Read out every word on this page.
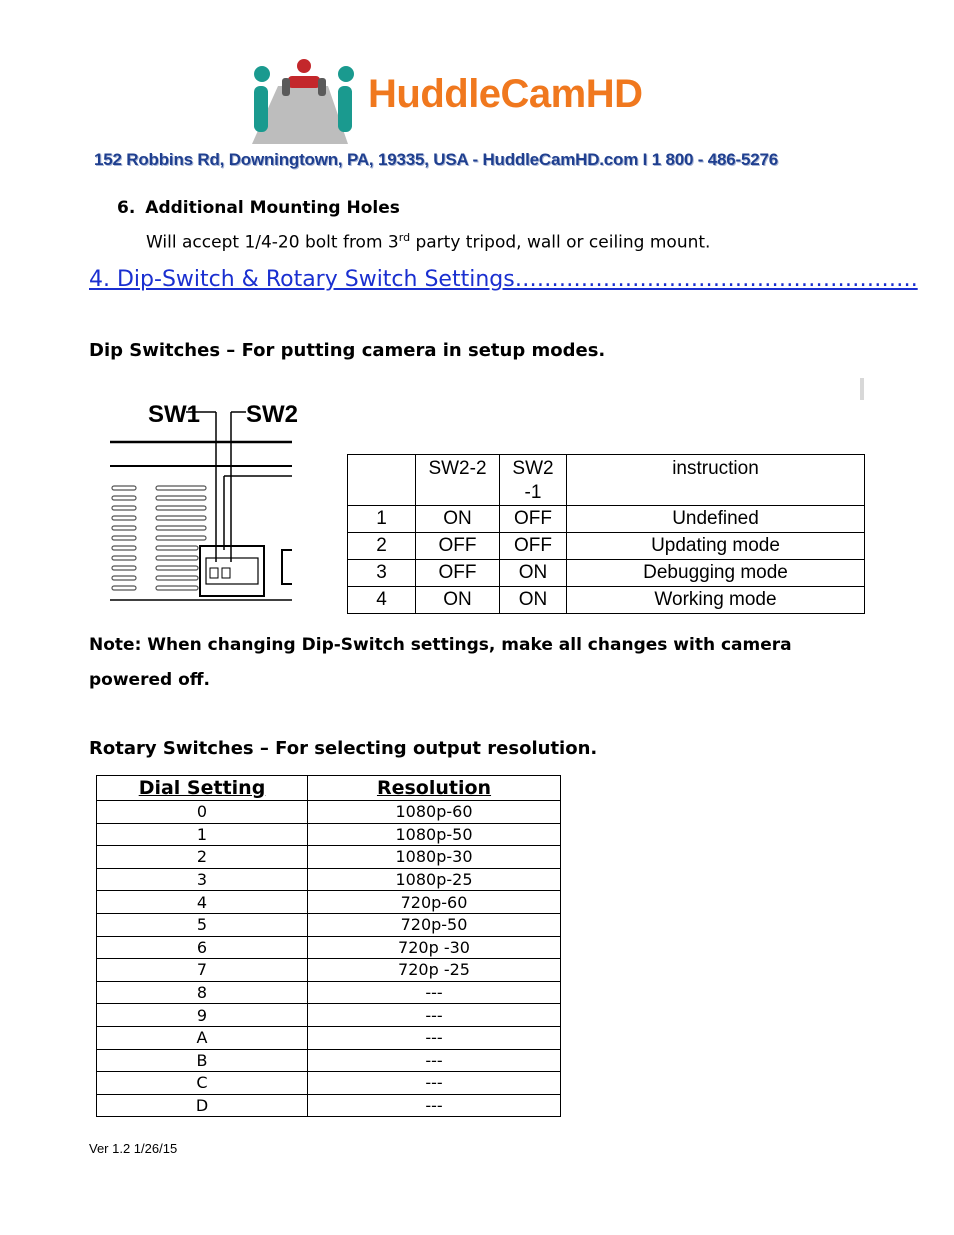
HuddleCamHD
152 Robbins Rd, Downingtown, PA, 19335, USA - HuddleCamHD.com I 1 800 - 486-5276
6. Additional Mounting Holes
Will accept 1/4-20 bolt from 3rd party tripod, wall or ceiling mount.
4. Dip-Switch & Rotary Switch Settings……………………………………………….
Dip Switches – For putting camera in setup modes.
SW1 SW2
	SW2-2	SW2
-1	instruction
1	ON	OFF	Undefined
2	OFF	OFF	Updating mode
3	OFF	ON	Debugging mode
4	ON	ON	Working mode
Note: When changing Dip-Switch settings, make all changes with camera powered off.
Rotary Switches – For selecting output resolution.
Dial Setting	Resolution
0	1080p-60
1	1080p-50
2	1080p-30
3	1080p-25
4	720p-60
5	720p-50
6	720p -30
7	720p -25
8	---
9	---
A	---
B	---
C	---
D	---
Ver 1.2 1/26/15
